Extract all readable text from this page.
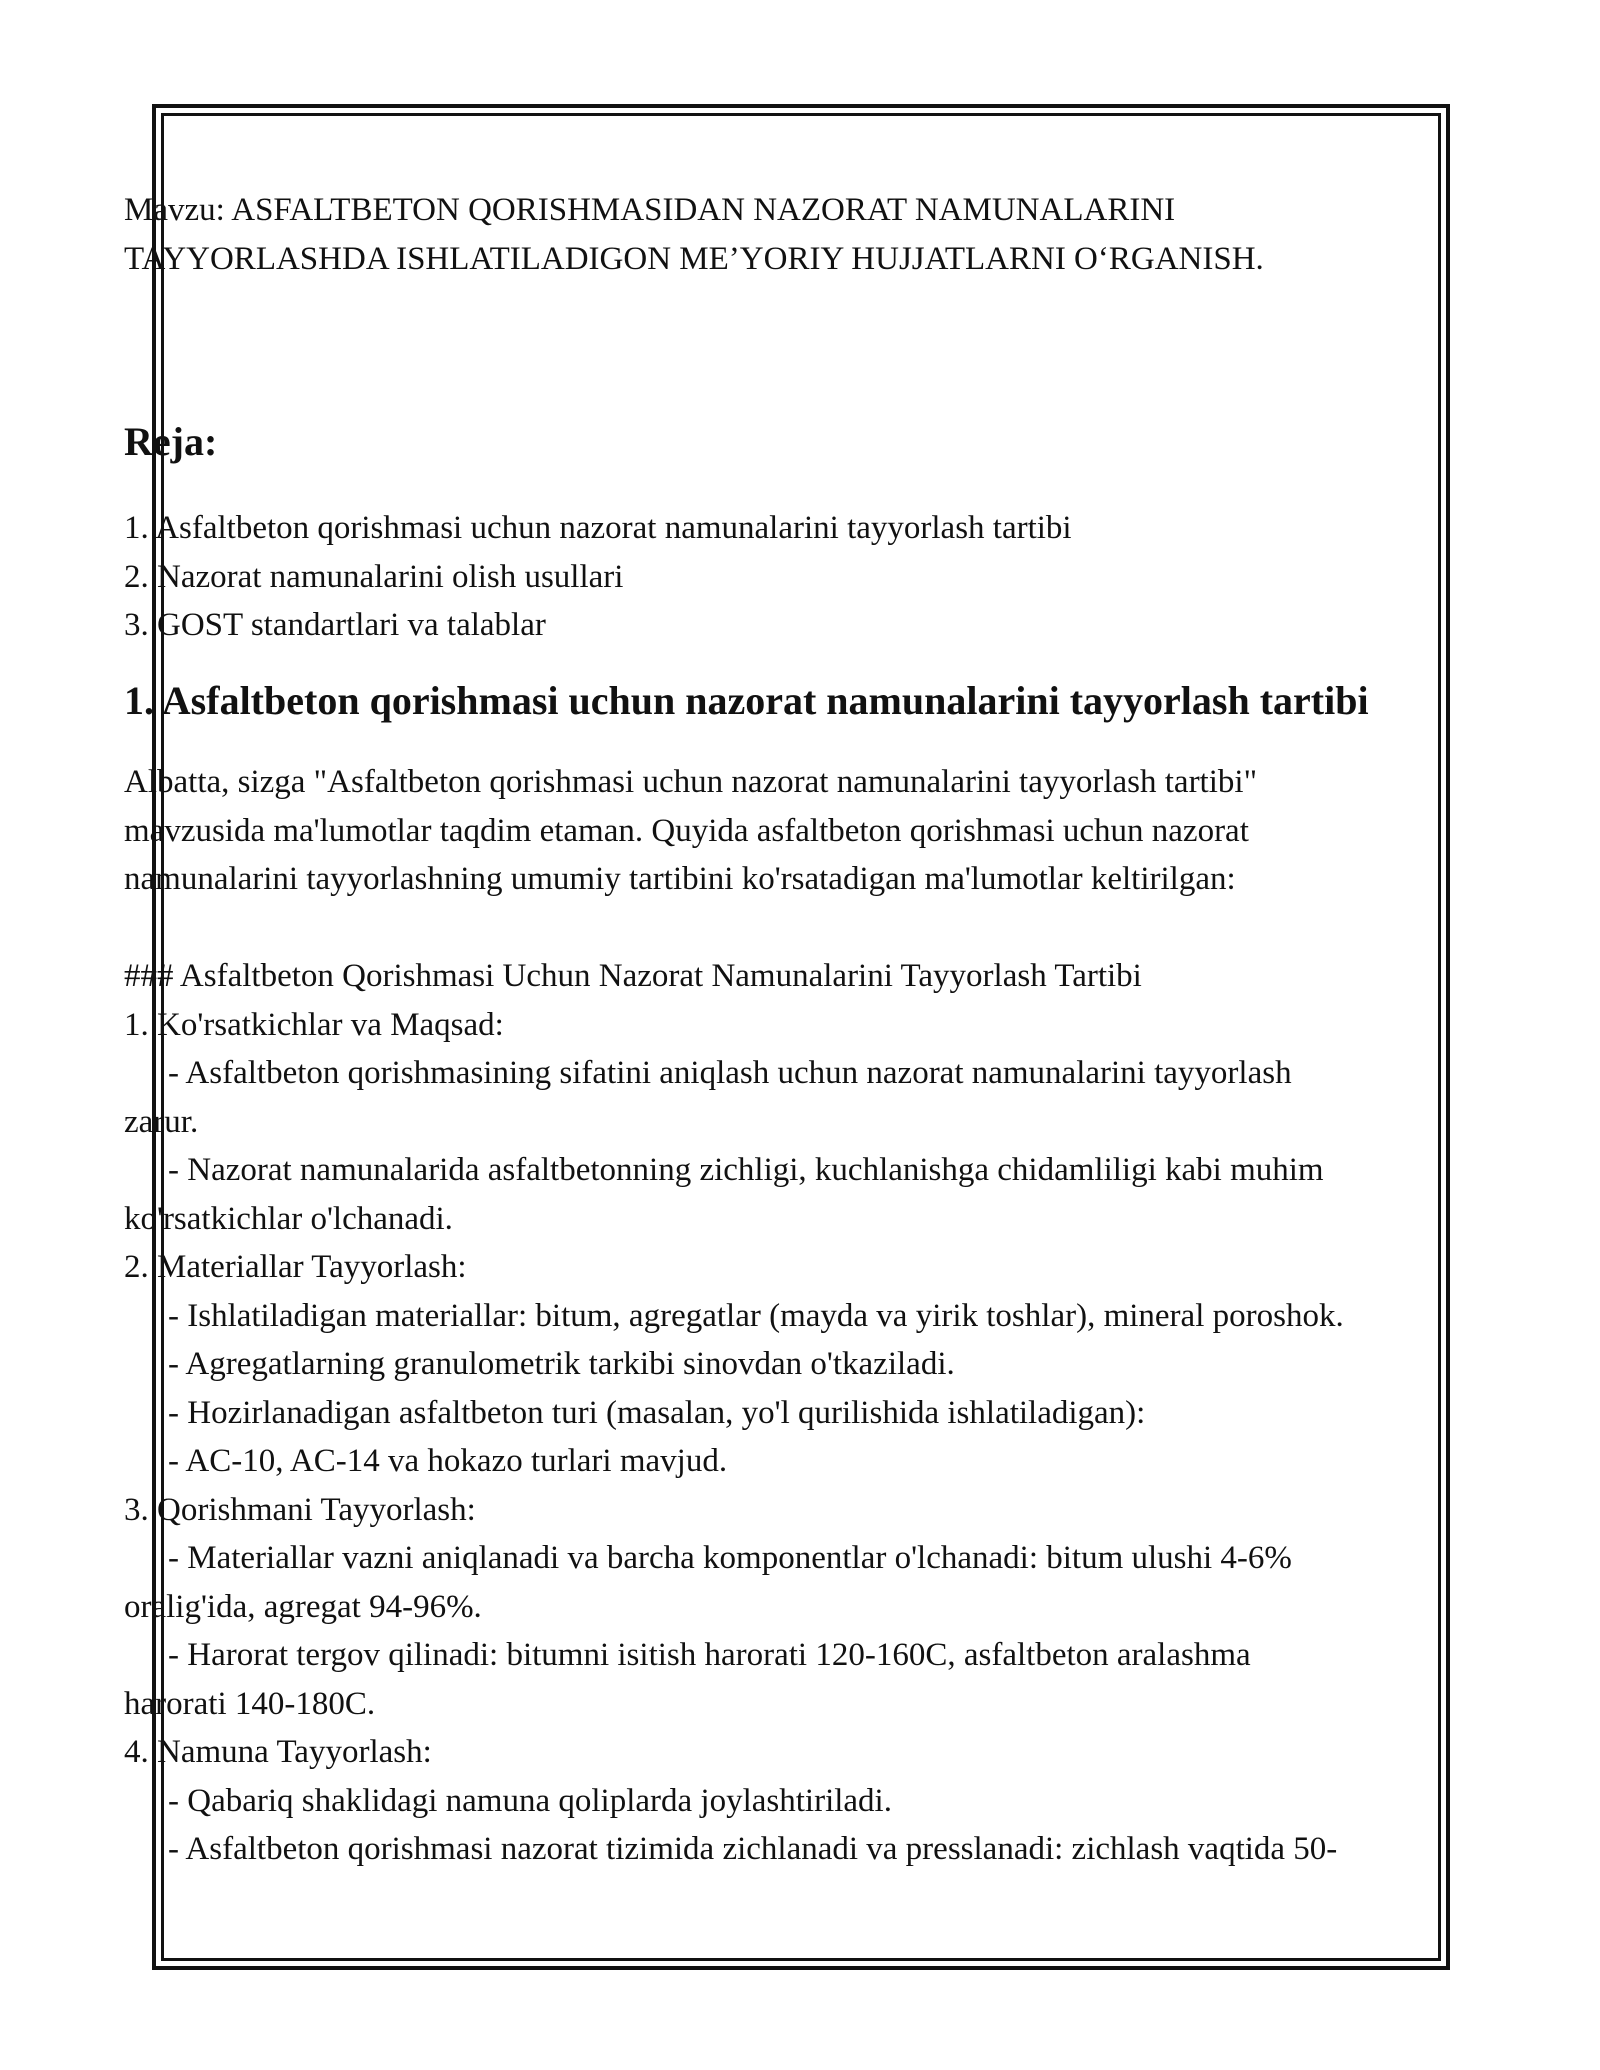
Mavzu: ASFALTBETON QORISHMASIDAN NAZORAT NAMUNALARINI
TAYYORLASHDA ISHLATILADIGON ME’YORIY HUJJATLARNI O‘RGANISH.
Reja:
1. Asfaltbeton qorishmasi uchun nazorat namunalarini tayyorlash tartibi
2. Nazorat namunalarini olish usullari
3. GOST standartlari va talablar
1. Asfaltbeton qorishmasi uchun nazorat namunalarini tayyorlash tartibi
Albatta, sizga "Asfaltbeton qorishmasi uchun nazorat namunalarini tayyorlash tartibi"
mavzusida ma'lumotlar taqdim etaman. Quyida asfaltbeton qorishmasi uchun nazorat
namunalarini tayyorlashning umumiy tartibini ko'rsatadigan ma'lumotlar keltirilgan:
### Asfaltbeton Qorishmasi Uchun Nazorat Namunalarini Tayyorlash Tartibi
1. Ko'rsatkichlar va Maqsad:
- Asfaltbeton qorishmasining sifatini aniqlash uchun nazorat namunalarini tayyorlash
zarur.
- Nazorat namunalarida asfaltbetonning zichligi, kuchlanishga chidamliligi kabi muhim
ko'rsatkichlar o'lchanadi.
2. Materiallar Tayyorlash:
- Ishlatiladigan materiallar: bitum, agregatlar (mayda va yirik toshlar), mineral poroshok.
- Agregatlarning granulometrik tarkibi sinovdan o'tkaziladi.
- Hozirlanadigan asfaltbeton turi (masalan, yo'l qurilishida ishlatiladigan):
- AC-10, AC-14 va hokazo turlari mavjud.
3. Qorishmani Tayyorlash:
- Materiallar vazni aniqlanadi va barcha komponentlar o'lchanadi: bitum ulushi 4-6%
oralig'ida, agregat 94-96%.
- Harorat tergov qilinadi: bitumni isitish harorati 120-160C, asfaltbeton aralashma
harorati 140-180C.
4. Namuna Tayyorlash:
- Qabariq shaklidagi namuna qoliplarda joylashtiriladi.
- Asfaltbeton qorishmasi nazorat tizimida zichlanadi va presslanadi: zichlash vaqtida 50-
